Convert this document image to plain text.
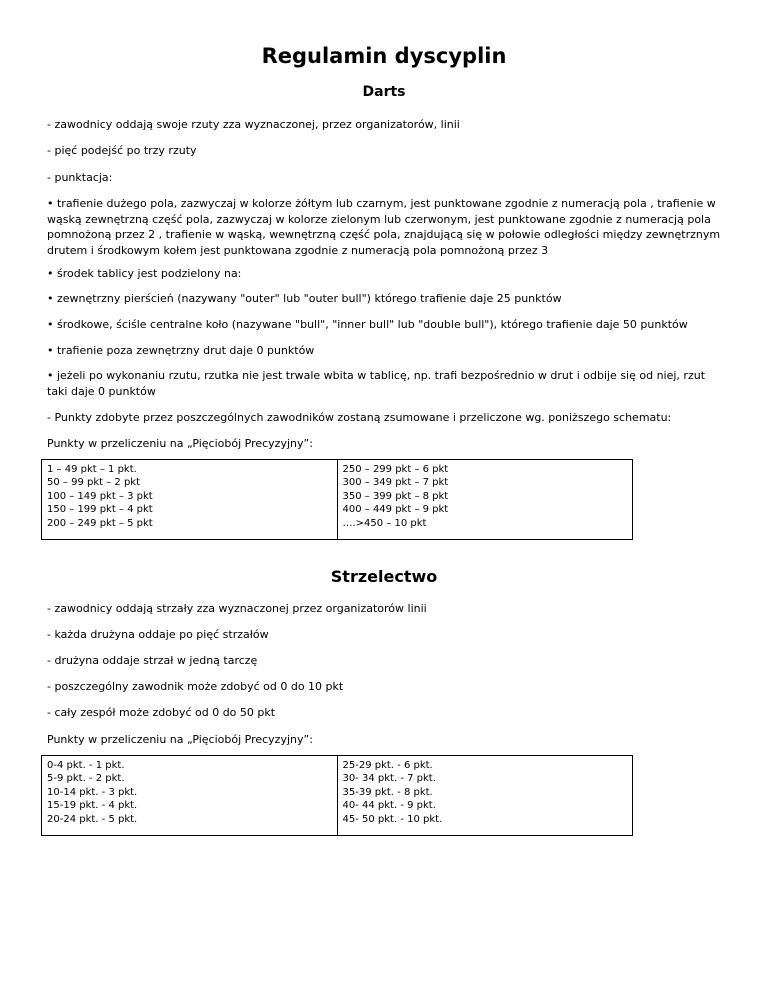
Regulamin dyscyplin
Darts

- zawodnicy oddają swoje rzuty zza wyznaczonej, przez organizatorów, linii

- pięć podejść po trzy rzuty

- punktacja:

• trafienie dużego pola, zazwyczaj w kolorze żółtym lub czarnym, jest punktowane zgodnie z numeracją pola , trafienie w wąską zewnętrzną część pola, zazwyczaj w kolorze zielonym lub czerwonym, jest punktowane zgodnie z numeracją pola pomnożoną przez 2 , trafienie w wąską, wewnętrzną część pola, znajdującą się w połowie odległości między zewnętrznym drutem i środkowym kołem jest punktowana zgodnie z numeracją pola pomnożoną przez 3

• środek tablicy jest podzielony na:

• zewnętrzny pierścień (nazywany "outer" lub "outer bull") którego trafienie daje 25 punktów

• środkowe, ściśle centralne koło (nazywane "bull", "inner bull" lub "double bull"), którego trafienie daje 50 punktów

• trafienie poza zewnętrzny drut daje 0 punktów

• jeżeli po wykonaniu rzutu, rzutka nie jest trwale wbita w tablicę, np. trafi bezpośrednio w drut i odbije się od niej, rzut taki daje 0 punktów

- Punkty zdobyte przez poszczególnych zawodników zostaną zsumowane i przeliczone wg. poniższego schematu:

Punkty w przeliczeniu na „Pięciobój Precyzyjny”:

1 – 49 pkt – 1 pkt.
50 – 99 pkt – 2 pkt
100 – 149 pkt – 3 pkt
150 – 199 pkt – 4 pkt
200 – 249 pkt – 5 pkt

250 – 299 pkt – 6 pkt
300 – 349 pkt – 7 pkt
350 – 399 pkt – 8 pkt
400 – 449 pkt – 9 pkt
….>450 – 10 pkt
Strzelectwo

- zawodnicy oddają strzały zza wyznaczonej przez organizatorów linii

- każda drużyna oddaje po pięć strzałów

- drużyna oddaje strzał w jedną tarczę

- poszczególny zawodnik może zdobyć od 0 do 10 pkt

- cały zespół może zdobyć od 0 do 50 pkt

Punkty w przeliczeniu na „Pięciobój Precyzyjny”:

0-4 pkt. - 1 pkt.
5-9 pkt. - 2 pkt.
10-14 pkt. - 3 pkt.
15-19 pkt. - 4 pkt.
20-24 pkt. - 5 pkt.

25-29 pkt. - 6 pkt.
30- 34 pkt. - 7 pkt.
35-39 pkt. - 8 pkt.
40- 44 pkt. - 9 pkt.
45- 50 pkt. - 10 pkt.
